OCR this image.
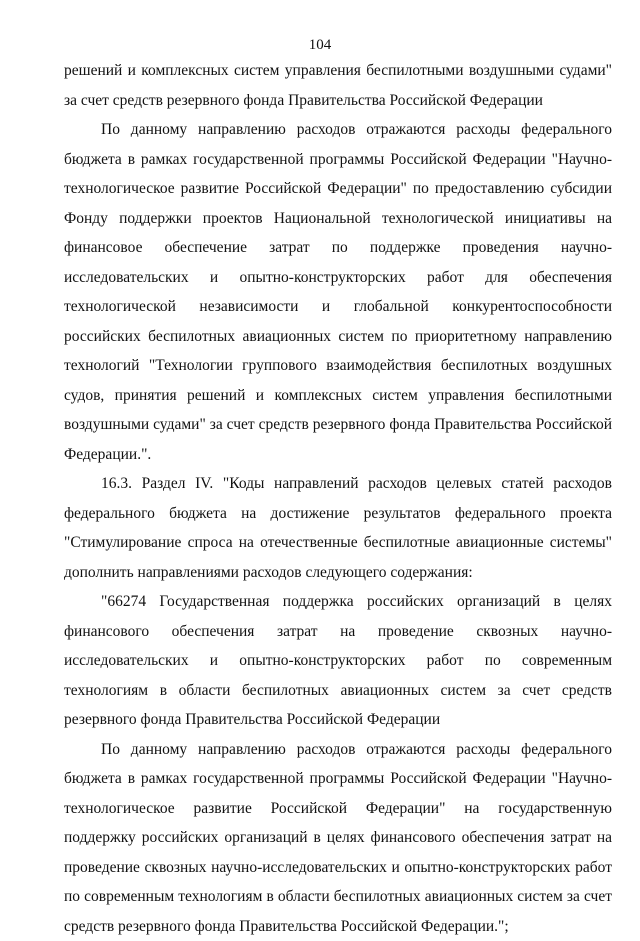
104

решений и комплексных систем управления беспилотными воздушными судами" за счет средств резервного фонда Правительства Российской Федерации

По данному направлению расходов отражаются расходы федерального бюджета в рамках государственной программы Российской Федерации "Научно-технологическое развитие Российской Федерации" по предоставлению субсидии Фонду поддержки проектов Национальной технологической инициативы на финансовое обеспечение затрат по поддержке проведения научно-исследовательских и опытно-конструкторских работ для обеспечения технологической независимости и глобальной конкурентоспособности российских беспилотных авиационных систем по приоритетному направлению технологий "Технологии группового взаимодействия беспилотных воздушных судов, принятия решений и комплексных систем управления беспилотными воздушными судами" за счет средств резервного фонда Правительства Российской Федерации.".

16.3. Раздел IV. "Коды направлений расходов целевых статей расходов федерального бюджета на достижение результатов федерального проекта "Стимулирование спроса на отечественные беспилотные авиационные системы" дополнить направлениями расходов следующего содержания:

"66274 Государственная поддержка российских организаций в целях финансового обеспечения затрат на проведение сквозных научно-исследовательских и опытно-конструкторских работ по современным технологиям в области беспилотных авиационных систем за счет средств резервного фонда Правительства Российской Федерации

По данному направлению расходов отражаются расходы федерального бюджета в рамках государственной программы Российской Федерации "Научно-технологическое развитие Российской Федерации" на государственную поддержку российских организаций в целях финансового обеспечения затрат на проведение сквозных научно-исследовательских и опытно-конструкторских работ по современным технологиям в области беспилотных авиационных систем за счет средств резервного фонда Правительства Российской Федерации.";
